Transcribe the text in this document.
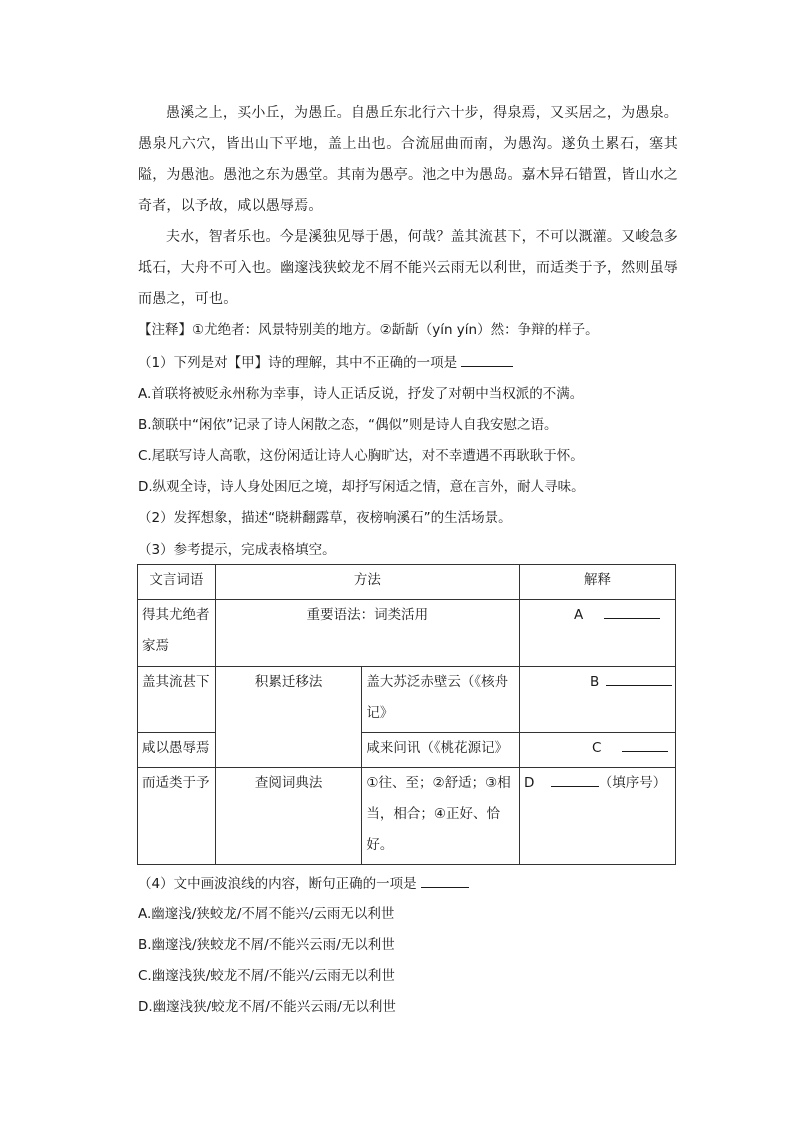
愚溪之上，买小丘，为愚丘。自愚丘东北行六十步，得泉焉，又买居之，为愚泉。愚泉凡六穴，皆出山下平地，盖上出也。合流屈曲而南，为愚沟。遂负土累石，塞其隘，为愚池。愚池之东为愚堂。其南为愚亭。池之中为愚岛。嘉木异石错置，皆山水之奇者，以予故，咸以愚辱焉。

夫水，智者乐也。今是溪独见辱于愚，何哉？盖其流甚下，不可以溉灌。又峻急多坻石，大舟不可入也。幽邃浅狭蛟龙不屑不能兴云雨无以利世，而适类于予，然则虽辱而愚之，可也。

【注释】①尤绝者：风景特别美的地方。②龂龂（yín yín）然：争辩的样子。

（1）下列是对【甲】诗的理解，其中不正确的一项是

A.首联将被贬永州称为幸事，诗人正话反说，抒发了对朝中当权派的不满。

B.颔联中“闲依”记录了诗人闲散之态，“偶似”则是诗人自我安慰之语。

C.尾联写诗人高歌，这份闲适让诗人心胸旷达，对不幸遭遇不再耿耿于怀。

D.纵观全诗，诗人身处困厄之境，却抒写闲适之情，意在言外，耐人寻味。

（2）发挥想象，描述“晓耕翻露草，夜榜响溪石”的生活场景。

（3）参考提示，完成表格填空。

文言词语	方法		解释
得其尤绝者家焉	重要语法：词类活用		A
盖其流甚下	积累迁移法	盖大苏泛赤壁云（《核舟记》	B
咸以愚辱焉		咸来问讯（《桃花源记》	C
而适类于予	查阅词典法	①往、至；②舒适；③相当，相合；④正好、恰好。	D （填序号）

（4）文中画波浪线的内容，断句正确的一项是

A.幽邃浅/狭蛟龙/不屑不能兴/云雨无以利世

B.幽邃浅/狭蛟龙不屑/不能兴云雨/无以利世

C.幽邃浅狭/蛟龙不屑/不能兴/云雨无以利世

D.幽邃浅狭/蛟龙不屑/不能兴云雨/无以利世
